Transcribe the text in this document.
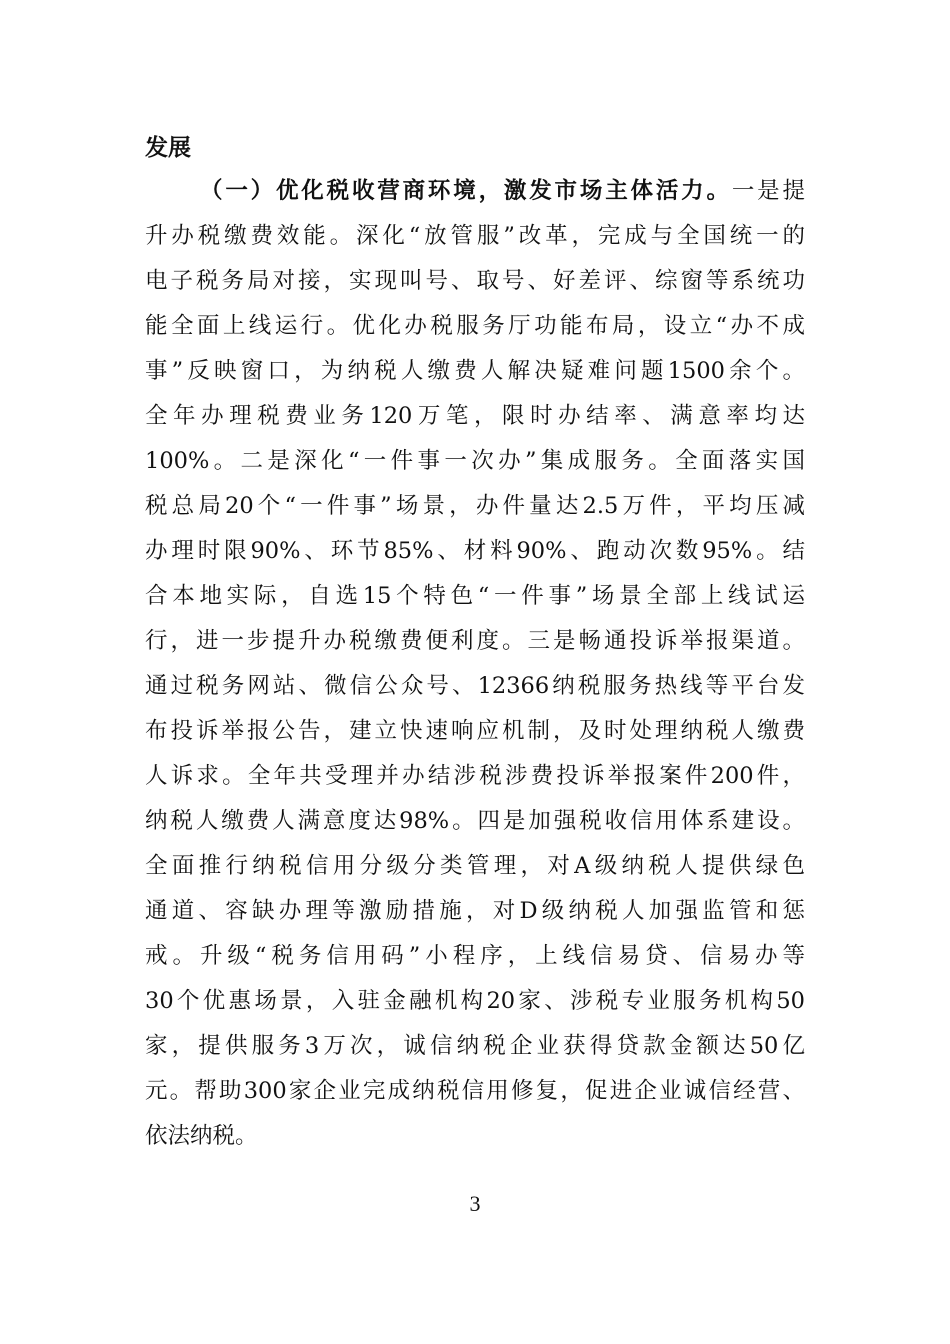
发展
（一）优化税收营商环境，激发市场主体活力。一是提
升办税缴费效能。深化“放管服”改革，完成与全国统一的
电子税务局对接，实现叫号、取号、好差评、综窗等系统功
能全面上线运行。优化办税服务厅功能布局，设立“办不成
事”反映窗口，为纳税人缴费人解决疑难问题1500余个。
全年办理税费业务120万笔，限时办结率、满意率均达
100%。二是深化“一件事一次办”集成服务。全面落实国
税总局20个“一件事”场景，办件量达2.5万件，平均压减
办理时限90%、环节85%、材料90%、跑动次数95%。结
合本地实际，自选15个特色“一件事”场景全部上线试运
行，进一步提升办税缴费便利度。三是畅通投诉举报渠道。
通过税务网站、微信公众号、12366纳税服务热线等平台发
布投诉举报公告，建立快速响应机制，及时处理纳税人缴费
人诉求。全年共受理并办结涉税涉费投诉举报案件200件，
纳税人缴费人满意度达98%。四是加强税收信用体系建设。
全面推行纳税信用分级分类管理，对A级纳税人提供绿色
通道、容缺办理等激励措施，对D级纳税人加强监管和惩
戒。升级“税务信用码”小程序，上线信易贷、信易办等
30个优惠场景，入驻金融机构20家、涉税专业服务机构50
家，提供服务3万次，诚信纳税企业获得贷款金额达50亿
元。帮助300家企业完成纳税信用修复，促进企业诚信经营、
依法纳税。
3
